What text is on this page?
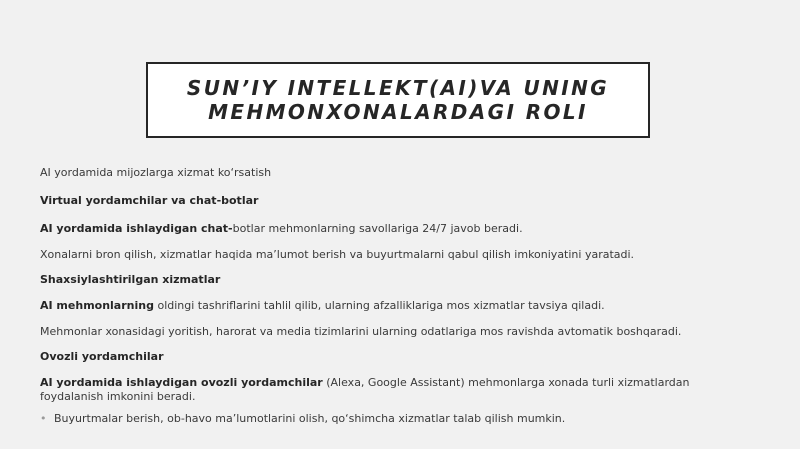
SUN’IY INTELLEKT(AI)VA UNING
MEHMONXONALARDAGI ROLI
AI yordamida mijozlarga xizmat ko‘rsatish
Virtual yordamchilar va chat-botlar
AI yordamida ishlaydigan chat-botlar mehmonlarning savollariga 24/7 javob beradi.
Xonalarni bron qilish, xizmatlar haqida ma’lumot berish va buyurtmalarni qabul qilish imkoniyatini yaratadi.
Shaxsiylashtirilgan xizmatlar
AI mehmonlarning oldingi tashriflarini tahlil qilib, ularning afzalliklariga mos xizmatlar tavsiya qiladi.
Mehmonlar xonasidagi yoritish, harorat va media tizimlarini ularning odatlariga mos ravishda avtomatik boshqaradi.
Ovozli yordamchilar
AI yordamida ishlaydigan ovozli yordamchilar (Alexa, Google Assistant) mehmonlarga xonada turli xizmatlardan foydalanish imkonini beradi.
• Buyurtmalar berish, ob-havo ma’lumotlarini olish, qo‘shimcha xizmatlar talab qilish mumkin.
